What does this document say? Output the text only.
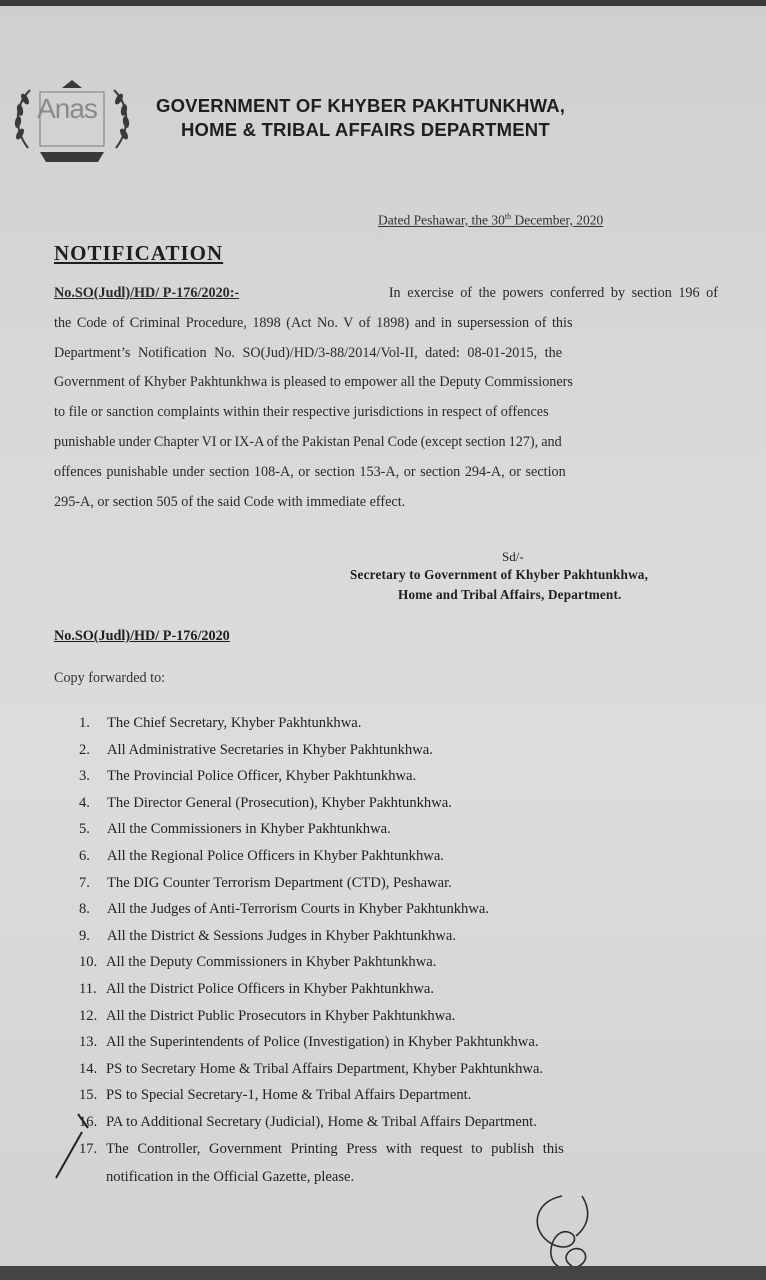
Anas	GOVERNMENT OF KHYBER PAKHTUNKHWA,
HOME & TRIBAL AFFAIRS DEPARTMENT
Dated Peshawar, the 30th December, 2020
NOTIFICATION
No.SO(Judl)/HD/ P-176/2020:-	In exercise of the powers conferred by section 196 of
the Code of Criminal Procedure, 1898 (Act No. V of 1898) and in supersession of this
Department’s Notification No. SO(Jud)/HD/3-88/2014/Vol-II, dated: 08-01-2015, the
Government of Khyber Pakhtunkhwa is pleased to empower all the Deputy Commissioners
to file or sanction complaints within their respective jurisdictions in respect of offences
punishable under Chapter VI or IX-A of the Pakistan Penal Code (except section 127), and
offences punishable under section 108-A, or section 153-A, or section 294-A, or section
295-A, or section 505 of the said Code with immediate effect.
Sd/-
Secretary to Government of Khyber Pakhtunkhwa,
Home and Tribal Affairs, Department.
No.SO(Judl)/HD/ P-176/2020
Copy forwarded to:
1.	The Chief Secretary, Khyber Pakhtunkhwa.
2.	All Administrative Secretaries in Khyber Pakhtunkhwa.
3.	The Provincial Police Officer, Khyber Pakhtunkhwa.
4.	The Director General (Prosecution), Khyber Pakhtunkhwa.
5.	All the Commissioners in Khyber Pakhtunkhwa.
6.	All the Regional Police Officers in Khyber Pakhtunkhwa.
7.	The DIG Counter Terrorism Department (CTD), Peshawar.
8.	All the Judges of Anti-Terrorism Courts in Khyber Pakhtunkhwa.
9.	All the District & Sessions Judges in Khyber Pakhtunkhwa.
10. All the Deputy Commissioners in Khyber Pakhtunkhwa.
11. All the District Police Officers in Khyber Pakhtunkhwa.
12. All the District Public Prosecutors in Khyber Pakhtunkhwa.
13. All the Superintendents of Police (Investigation) in Khyber Pakhtunkhwa.
14. PS to Secretary Home & Tribal Affairs Department, Khyber Pakhtunkhwa.
15. PS to Special Secretary-1, Home & Tribal Affairs Department.
16. PA to Additional Secretary (Judicial), Home & Tribal Affairs Department.
17. The Controller, Government Printing Press with request to publish this
notification in the Official Gazette, please.
